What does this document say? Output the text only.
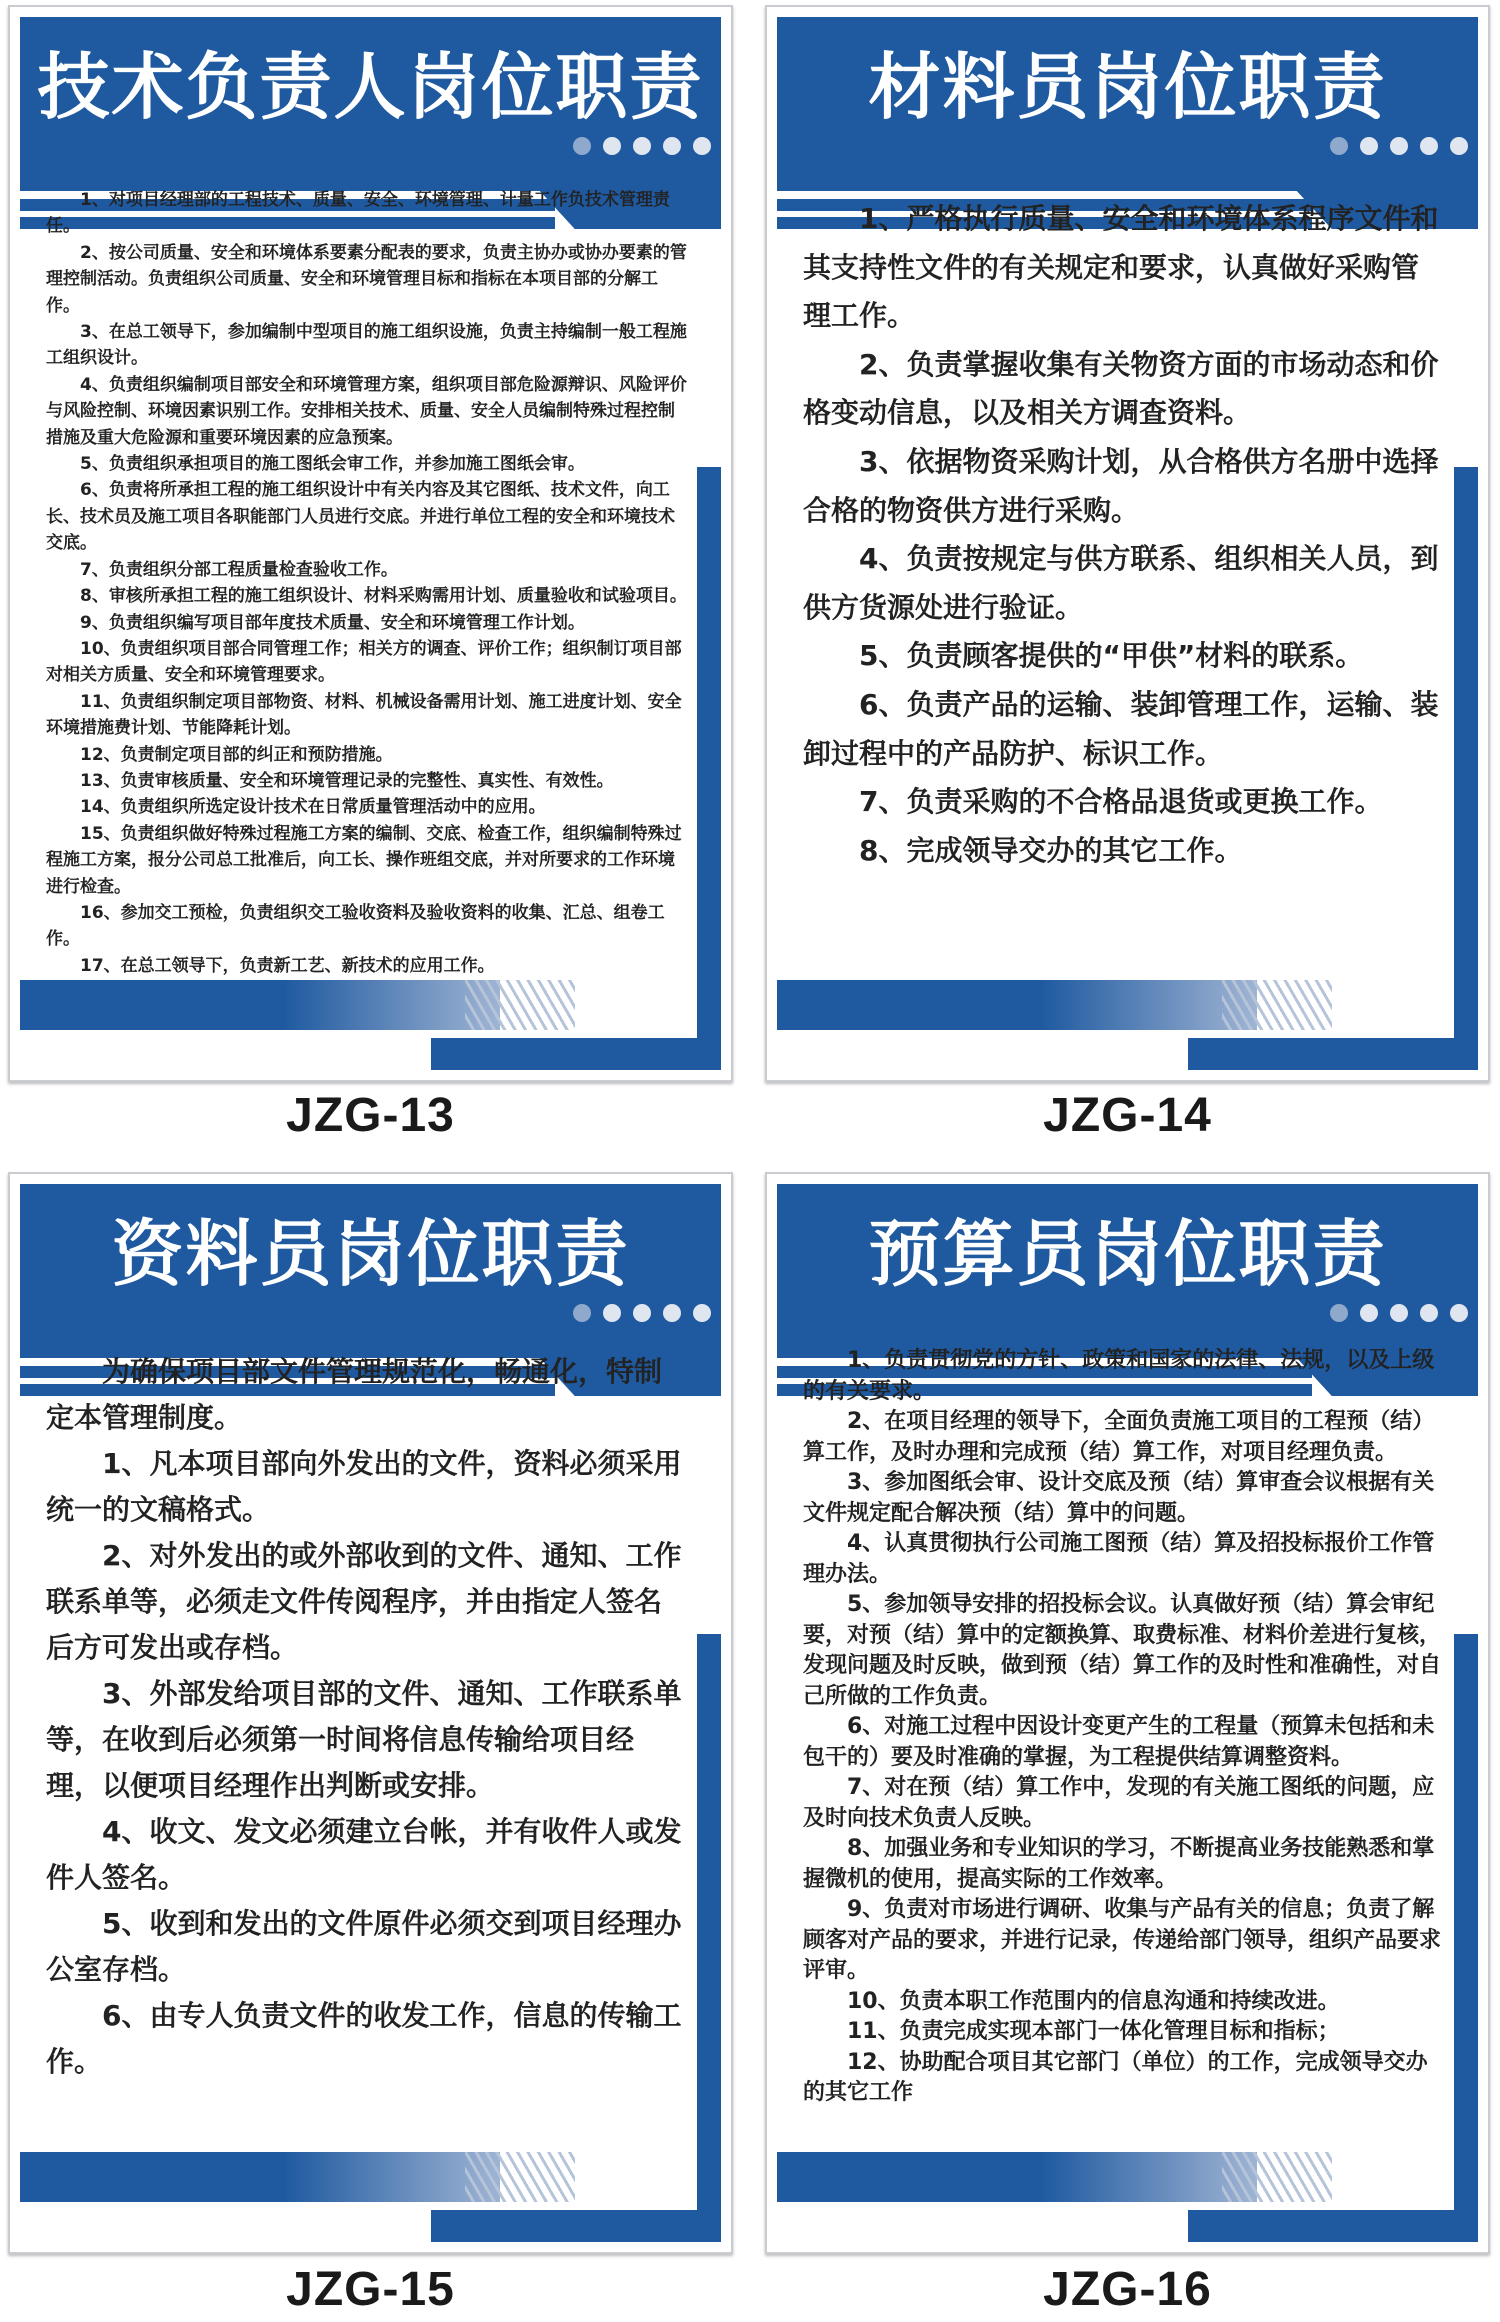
技术负责人岗位职责

1、对项目经理部的工程技术、质量、安全、环境管理、计量工作负技术管理责任。

2、按公司质量、安全和环境体系要素分配表的要求，负责主协办或协办要素的管理控制活动。负责组织公司质量、安全和环境管理目标和指标在本项目部的分解工作。

3、在总工领导下，参加编制中型项目的施工组织设施，负责主持编制一般工程施工组织设计。

4、负责组织编制项目部安全和环境管理方案，组织项目部危险源辩识、风险评价与风险控制、环境因素识别工作。安排相关技术、质量、安全人员编制特殊过程控制措施及重大危险源和重要环境因素的应急预案。

5、负责组织承担项目的施工图纸会审工作，并参加施工图纸会审。

6、负责将所承担工程的施工组织设计中有关内容及其它图纸、技术文件，向工长、技术员及施工项目各职能部门人员进行交底。并进行单位工程的安全和环境技术交底。

7、负责组织分部工程质量检查验收工作。

8、审核所承担工程的施工组织设计、材料采购需用计划、质量验收和试验项目。

9、负责组织编写项目部年度技术质量、安全和环境管理工作计划。

10、负责组织项目部合同管理工作；相关方的调查、评价工作；组织制订项目部对相关方质量、安全和环境管理要求。

11、负责组织制定项目部物资、材料、机械设备需用计划、施工进度计划、安全环境措施费计划、节能降耗计划。

12、负责制定项目部的纠正和预防措施。

13、负责审核质量、安全和环境管理记录的完整性、真实性、有效性。

14、负责组织所选定设计技术在日常质量管理活动中的应用。

15、负责组织做好特殊过程施工方案的编制、交底、检查工作，组织编制特殊过程施工方案，报分公司总工批准后，向工长、操作班组交底，并对所要求的工作环境进行检查。

16、参加交工预检，负责组织交工验收资料及验收资料的收集、汇总、组卷工作。

17、在总工领导下，负责新工艺、新技术的应用工作。

材料员岗位职责

1、严格执行质量、安全和环境体系程序文件和其支持性文件的有关规定和要求，认真做好采购管理工作。

2、负责掌握收集有关物资方面的市场动态和价格变动信息，以及相关方调查资料。

3、依据物资采购计划，从合格供方名册中选择合格的物资供方进行采购。

4、负责按规定与供方联系、组织相关人员，到供方货源处进行验证。

5、负责顾客提供的“甲供”材料的联系。

6、负责产品的运输、装卸管理工作，运输、装卸过程中的产品防护、标识工作。

7、负责采购的不合格品退货或更换工作。

8、完成领导交办的其它工作。

资料员岗位职责

为确保项目部文件管理规范化，畅通化，特制定本管理制度。

1、凡本项目部向外发出的文件，资料必须采用统一的文稿格式。

2、对外发出的或外部收到的文件、通知、工作联系单等，必须走文件传阅程序，并由指定人签名后方可发出或存档。

3、外部发给项目部的文件、通知、工作联系单等，在收到后必须第一时间将信息传输给项目经理，以便项目经理作出判断或安排。

4、收文、发文必须建立台帐，并有收件人或发件人签名。

5、收到和发出的文件原件必须交到项目经理办公室存档。

6、由专人负责文件的收发工作，信息的传输工作。

预算员岗位职责

1、负责贯彻党的方针、政策和国家的法律、法规，以及上级的有关要求。

2、在项目经理的领导下，全面负责施工项目的工程预（结）算工作，及时办理和完成预（结）算工作，对项目经理负责。

3、参加图纸会审、设计交底及预（结）算审查会议根据有关文件规定配合解决预（结）算中的问题。

4、认真贯彻执行公司施工图预（结）算及招投标报价工作管理办法。

5、参加领导安排的招投标会议。认真做好预（结）算会审纪要，对预（结）算中的定额换算、取费标准、材料价差进行复核，发现问题及时反映，做到预（结）算工作的及时性和准确性，对自己所做的工作负责。

6、对施工过程中因设计变更产生的工程量（预算未包括和未包干的）要及时准确的掌握，为工程提供结算调整资料。

7、对在预（结）算工作中，发现的有关施工图纸的问题，应及时向技术负责人反映。

8、加强业务和专业知识的学习，不断提高业务技能熟悉和掌握微机的使用，提高实际的工作效率。

9、负责对市场进行调研、收集与产品有关的信息；负责了解顾客对产品的要求，并进行记录，传递给部门领导，组织产品要求评审。

10、负责本职工作范围内的信息沟通和持续改进。

11、负责完成实现本部门一体化管理目标和指标；

12、协助配合项目其它部门（单位）的工作，完成领导交办的其它工作

JZG-13	JZG-14
JZG-15	JZG-16
